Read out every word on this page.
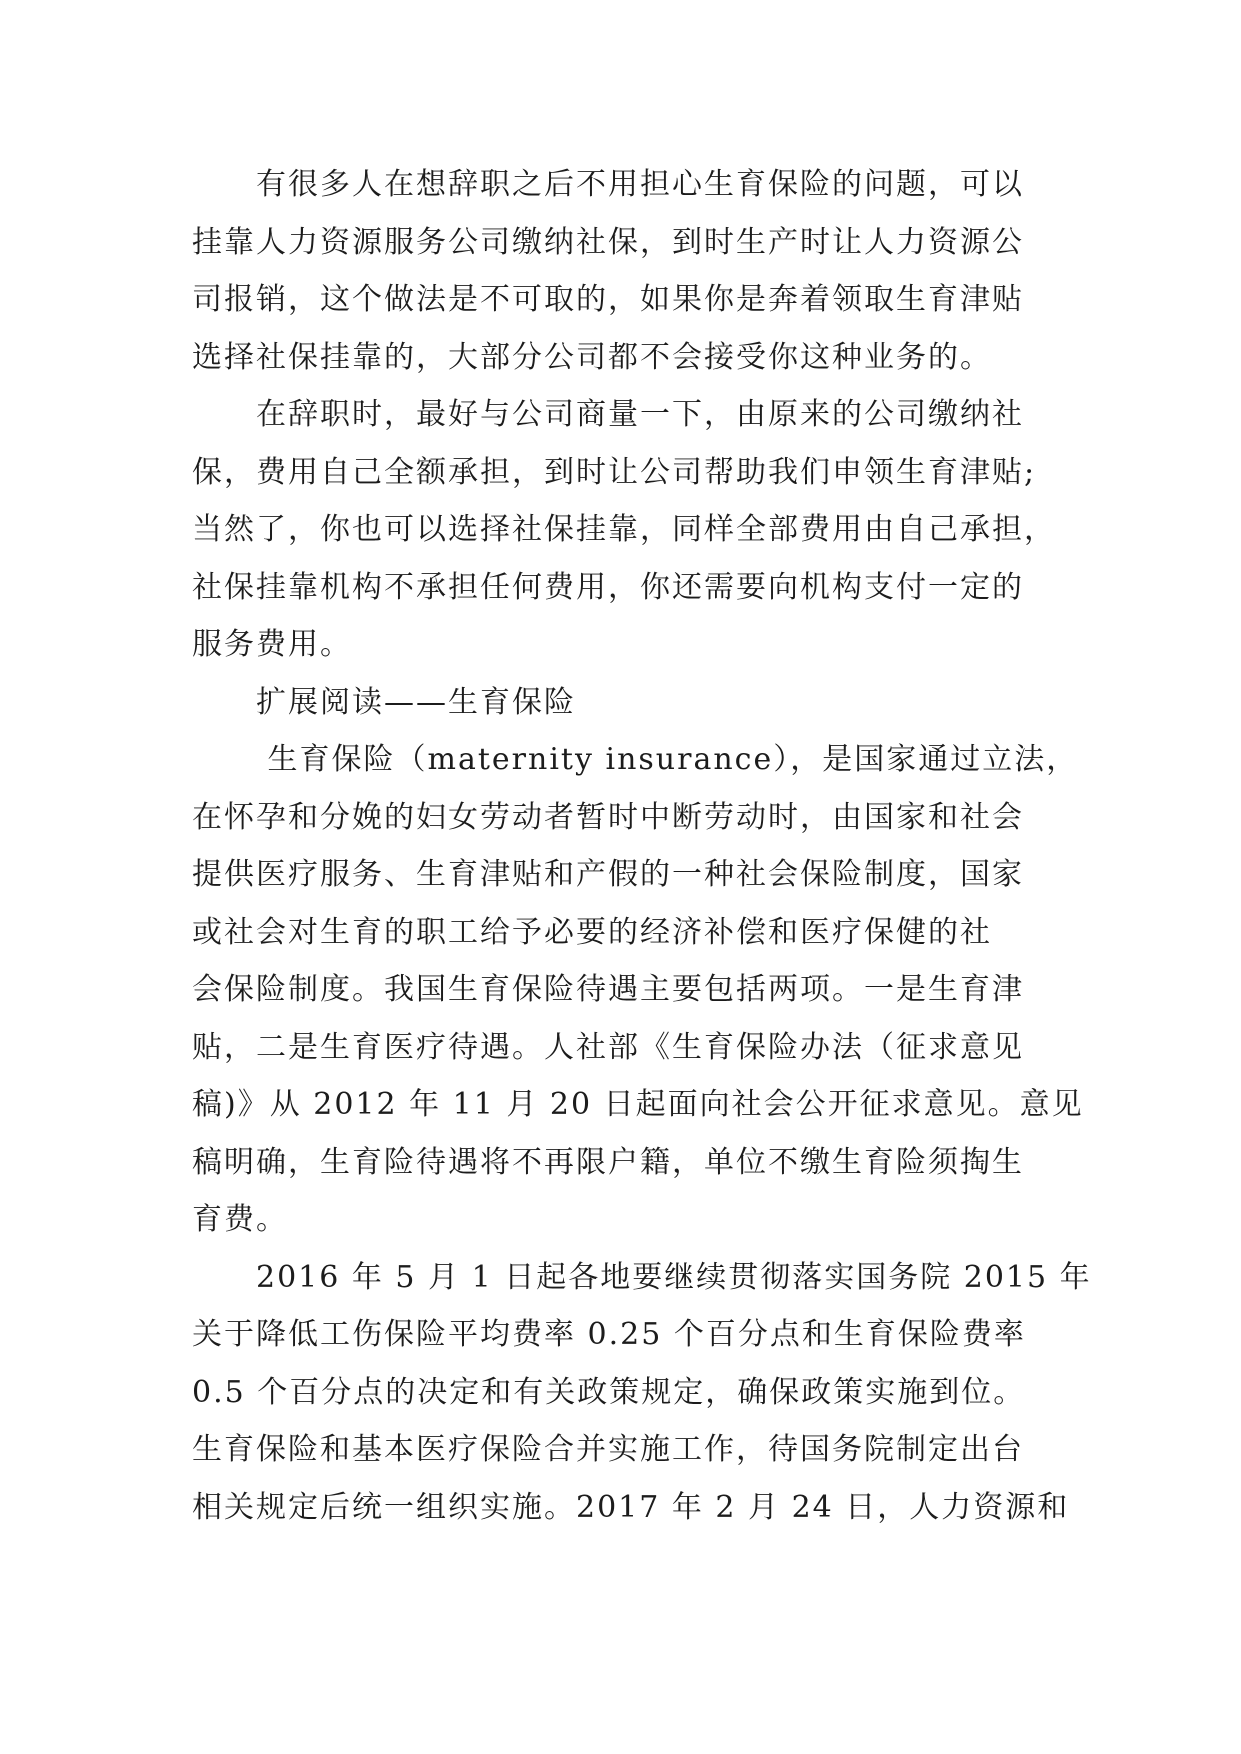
有很多人在想辞职之后不用担心生育保险的问题，可以
挂靠人力资源服务公司缴纳社保，到时生产时让人力资源公
司报销，这个做法是不可取的，如果你是奔着领取生育津贴
选择社保挂靠的，大部分公司都不会接受你这种业务的。
在辞职时，最好与公司商量一下，由原来的公司缴纳社
保，费用自己全额承担，到时让公司帮助我们申领生育津贴;
当然了，你也可以选择社保挂靠，同样全部费用由自己承担，
社保挂靠机构不承担任何费用，你还需要向机构支付一定的
服务费用。
扩展阅读——生育保险
生育保险（maternity insurance），是国家通过立法，
在怀孕和分娩的妇女劳动者暂时中断劳动时，由国家和社会
提供医疗服务、生育津贴和产假的一种社会保险制度，国家
或社会对生育的职工给予必要的经济补偿和医疗保健的社
会保险制度。我国生育保险待遇主要包括两项。一是生育津
贴，二是生育医疗待遇。人社部《生育保险办法（征求意见
稿)》从 2012 年 11 月 20 日起面向社会公开征求意见。意见
稿明确，生育险待遇将不再限户籍，单位不缴生育险须掏生
育费。
2016 年 5 月 1 日起各地要继续贯彻落实国务院 2015 年
关于降低工伤保险平均费率 0.25 个百分点和生育保险费率
0.5 个百分点的决定和有关政策规定，确保政策实施到位。
生育保险和基本医疗保险合并实施工作，待国务院制定出台
相关规定后统一组织实施。2017 年 2 月 24 日，人力资源和
